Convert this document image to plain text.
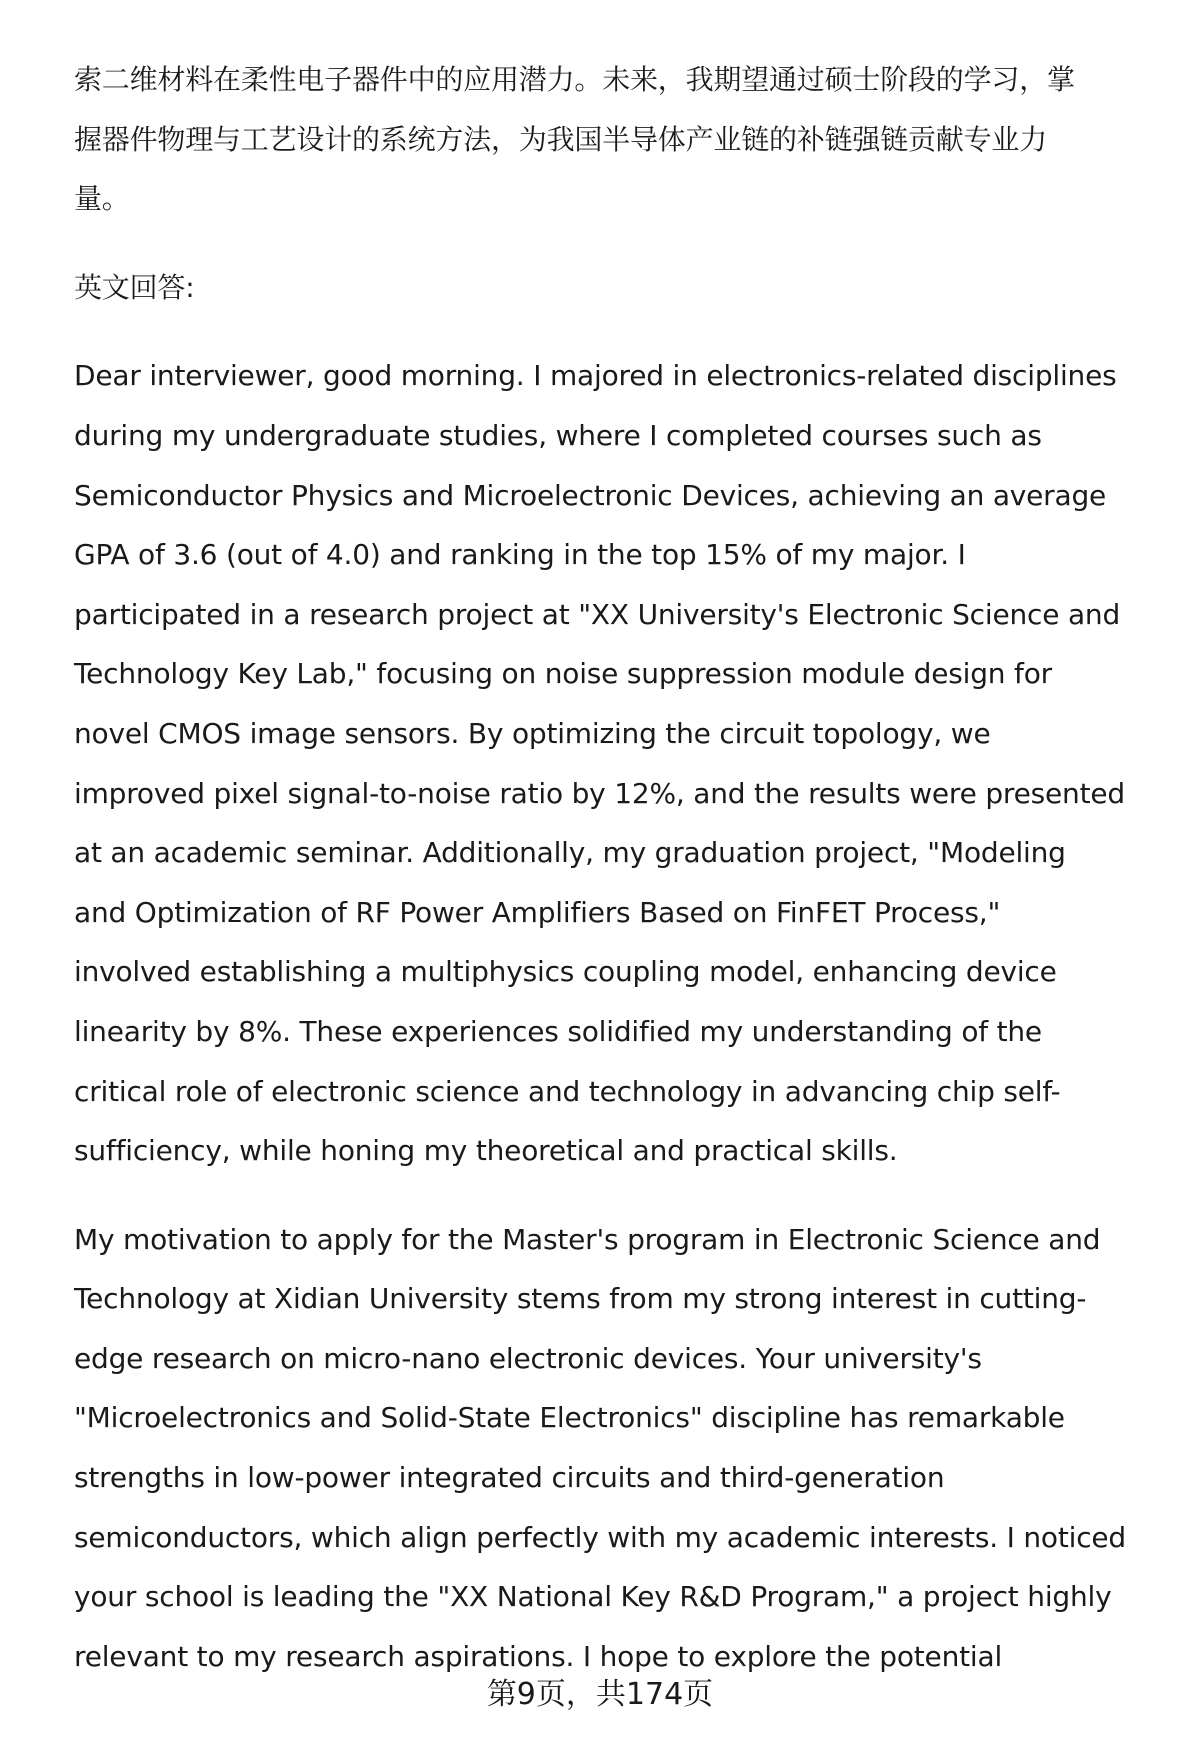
索二维材料在柔性电子器件中的应用潜力。未来，我期望通过硕士阶段的学习，掌
握器件物理与工艺设计的系统方法，为我国半导体产业链的补链强链贡献专业力
量。
英文回答:
Dear interviewer, good morning. I majored in electronics-related disciplines
during my undergraduate studies, where I completed courses such as
Semiconductor Physics and Microelectronic Devices, achieving an average
GPA of 3.6 (out of 4.0) and ranking in the top 15% of my major. I
participated in a research project at "XX University's Electronic Science and
Technology Key Lab," focusing on noise suppression module design for
novel CMOS image sensors. By optimizing the circuit topology, we
improved pixel signal-to-noise ratio by 12%, and the results were presented
at an academic seminar. Additionally, my graduation project, "Modeling
and Optimization of RF Power Amplifiers Based on FinFET Process,"
involved establishing a multiphysics coupling model, enhancing device
linearity by 8%. These experiences solidified my understanding of the
critical role of electronic science and technology in advancing chip self-
sufficiency, while honing my theoretical and practical skills.
My motivation to apply for the Master's program in Electronic Science and
Technology at Xidian University stems from my strong interest in cutting-
edge research on micro-nano electronic devices. Your university's
"Microelectronics and Solid-State Electronics" discipline has remarkable
strengths in low-power integrated circuits and third-generation
semiconductors, which align perfectly with my academic interests. I noticed
your school is leading the "XX National Key R&D Program," a project highly
relevant to my research aspirations. I hope to explore the potential
第9页，共174页
